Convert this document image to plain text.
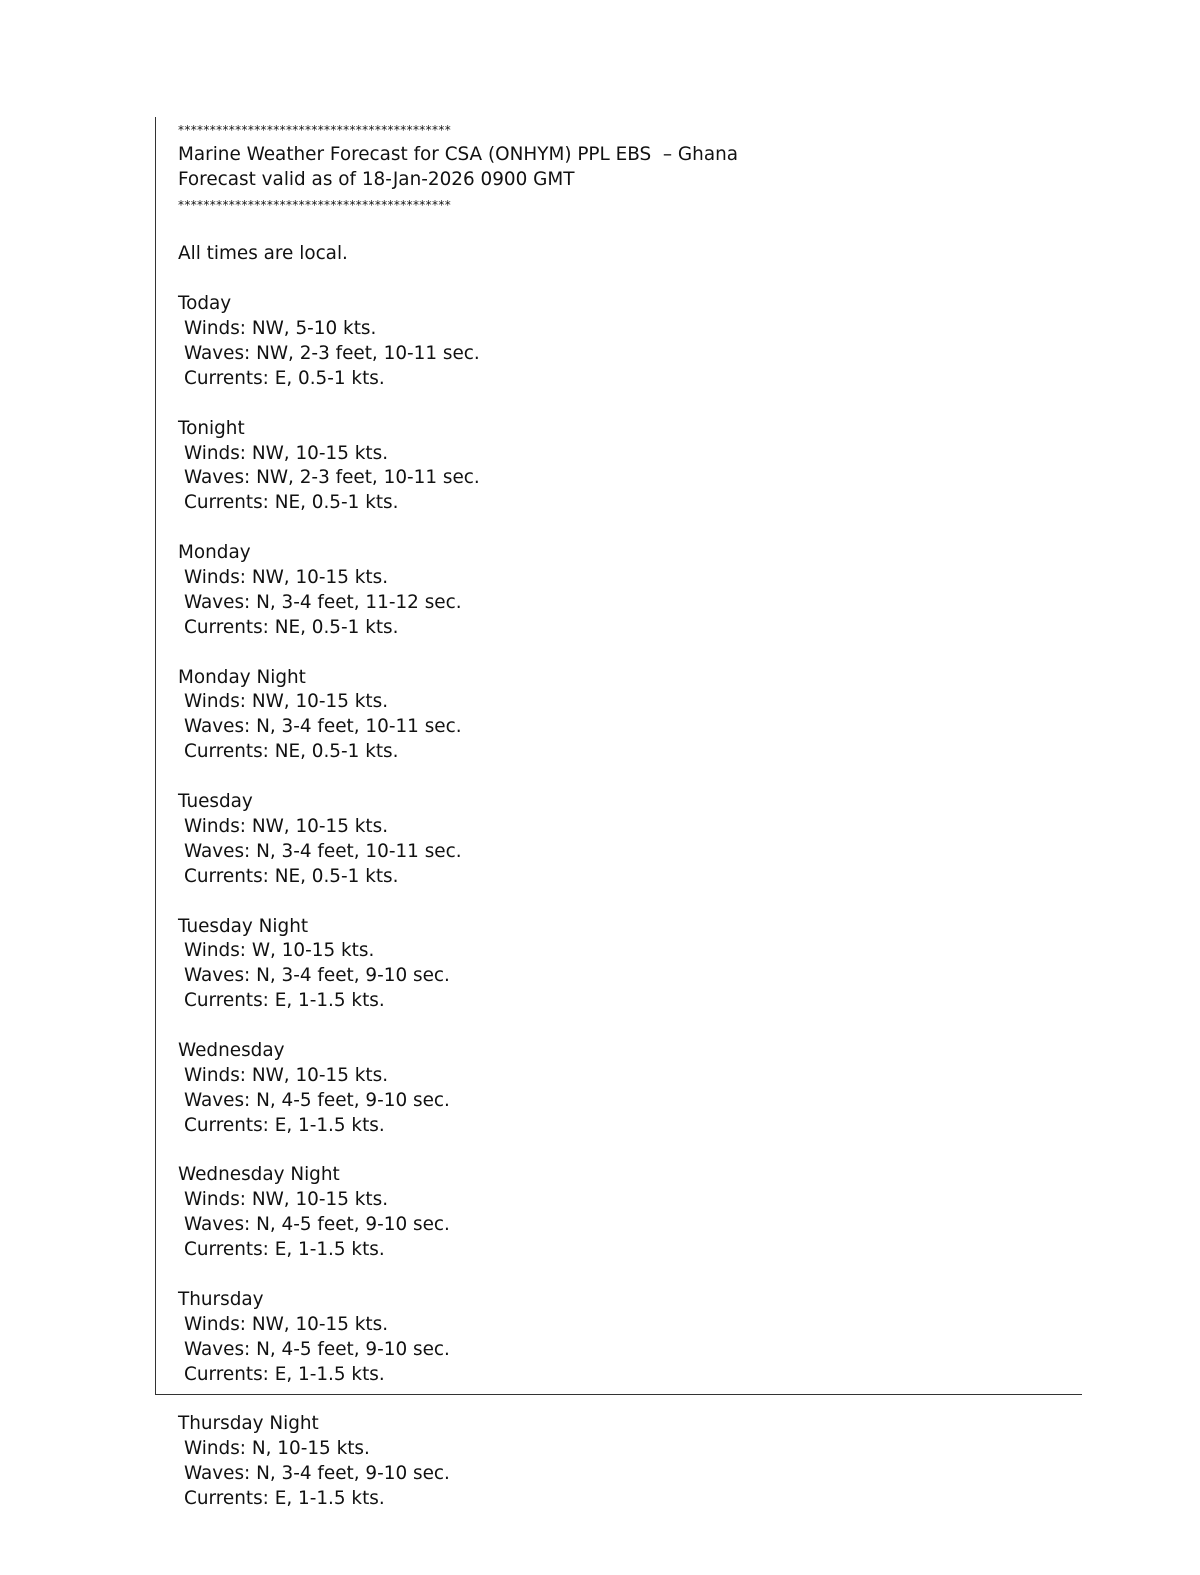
*******************************************
Marine Weather Forecast for CSA (ONHYM) PPL EBS  – Ghana
Forecast valid as of 18-Jan-2026 0900 GMT
*******************************************
All times are local.
Today
Winds: NW, 5-10 kts.
Waves: NW, 2-3 feet, 10-11 sec.
Currents: E, 0.5-1 kts.
Tonight
Winds: NW, 10-15 kts.
Waves: NW, 2-3 feet, 10-11 sec.
Currents: NE, 0.5-1 kts.
Monday
Winds: NW, 10-15 kts.
Waves: N, 3-4 feet, 11-12 sec.
Currents: NE, 0.5-1 kts.
Monday Night
Winds: NW, 10-15 kts.
Waves: N, 3-4 feet, 10-11 sec.
Currents: NE, 0.5-1 kts.
Tuesday
Winds: NW, 10-15 kts.
Waves: N, 3-4 feet, 10-11 sec.
Currents: NE, 0.5-1 kts.
Tuesday Night
Winds: W, 10-15 kts.
Waves: N, 3-4 feet, 9-10 sec.
Currents: E, 1-1.5 kts.
Wednesday
Winds: NW, 10-15 kts.
Waves: N, 4-5 feet, 9-10 sec.
Currents: E, 1-1.5 kts.
Wednesday Night
Winds: NW, 10-15 kts.
Waves: N, 4-5 feet, 9-10 sec.
Currents: E, 1-1.5 kts.
Thursday
Winds: NW, 10-15 kts.
Waves: N, 4-5 feet, 9-10 sec.
Currents: E, 1-1.5 kts.
Thursday Night
Winds: N, 10-15 kts.
Waves: N, 3-4 feet, 9-10 sec.
Currents: E, 1-1.5 kts.
